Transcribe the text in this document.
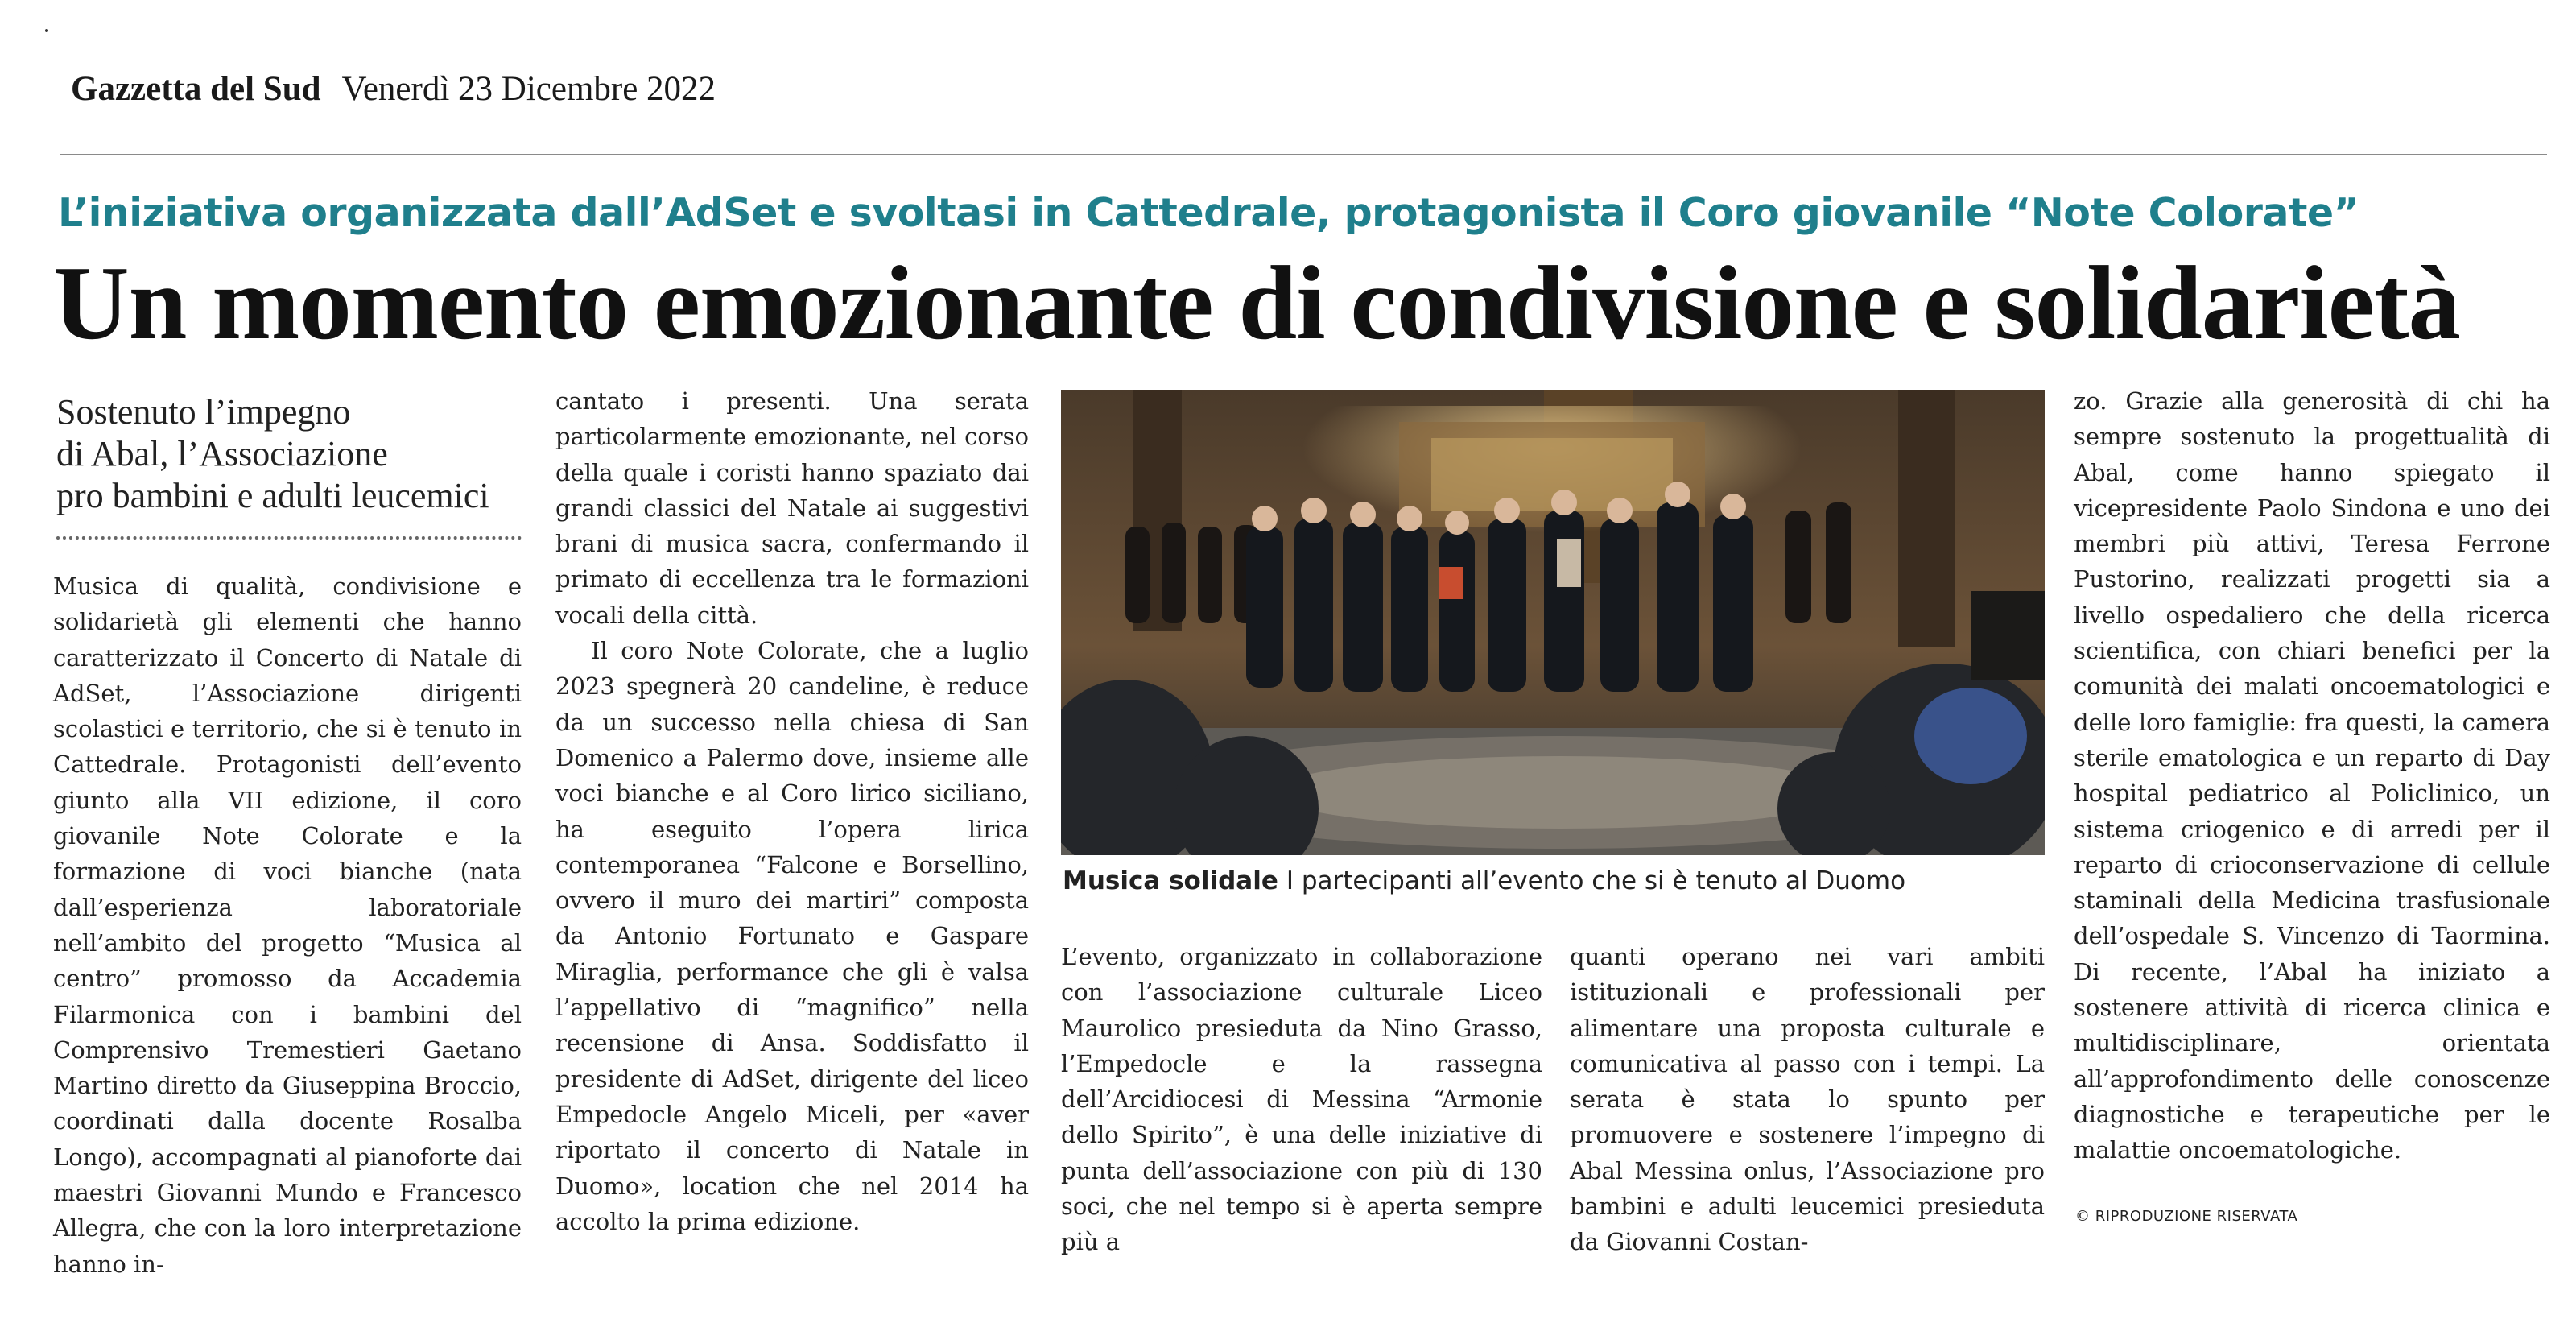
Gazzetta del Sud Venerdì 23 Dicembre 2022
L’iniziativa organizzata dall’AdSet e svoltasi in Cattedrale, protagonista il Coro giovanile “Note Colorate”
Un momento emozionante di condivisione e solidarietà
Sostenuto l’impegno
di Abal, l’Associazione
pro bambini e adulti leucemici

Musica di qualità, condivisione e solidarietà gli elementi che hanno caratterizzato il Concerto di Natale di AdSet, l’Associazione dirigenti scolastici e territorio, che si è tenuto in Cattedrale. Protagonisti dell’evento giunto alla VII edizione, il coro giovanile Note Colorate e la formazione di voci bianche (nata dall’esperienza laboratoriale nell’ambito del progetto “Musica al centro” promosso da Accademia Filarmonica con i bambini del Comprensivo Tremestieri Gaetano Martino diretto da Giuseppina Broccio, coordinati dalla docente Rosalba Longo), accompagnati al pianoforte dai maestri Giovanni Mundo e Francesco Allegra, che con la loro interpretazione hanno in-

cantato i presenti. Una serata particolarmente emozionante, nel corso della quale i coristi hanno spaziato dai grandi classici del Natale ai suggestivi brani di musica sacra, confermando il primato di eccellenza tra le formazioni vocali della città.

Il coro Note Colorate, che a luglio 2023 spegnerà 20 candeline, è reduce da un successo nella chiesa di San Domenico a Palermo dove, insieme alle voci bianche e al Coro lirico siciliano, ha eseguito l’opera lirica contemporanea “Falcone e Borsellino, ovvero il muro dei martiri” composta da Antonio Fortunato e Gaspare Miraglia, performance che gli è valsa l’appellativo di “magnifico” nella recensione di Ansa. Soddisfatto il presidente di AdSet, dirigente del liceo Empedocle Angelo Miceli, per «aver riportato il concerto di Natale in Duomo», location che nel 2014 ha accolto la prima edizione.

Musica solidale I partecipanti all’evento che si è tenuto al Duomo

L’evento, organizzato in collaborazione con l’associazione culturale Liceo Maurolico presieduta da Nino Grasso, l’Empedocle e la rassegna dell’Arcidiocesi di Messina “Armonie dello Spirito”, è una delle iniziative di punta dell’associazione con più di 130 soci, che nel tempo si è aperta sempre più a

quanti operano nei vari ambiti istituzionali e professionali per alimentare una proposta culturale e comunicativa al passo con i tempi. La serata è stata lo spunto per promuovere e sostenere l’impegno di Abal Messina onlus, l’Associazione pro bambini e adulti leucemici presieduta da Giovanni Costan-

zo. Grazie alla generosità di chi ha sempre sostenuto la progettualità di Abal, come hanno spiegato il vicepresidente Paolo Sindona e uno dei membri più attivi, Teresa Ferrone Pustorino, realizzati progetti sia a livello ospedaliero che della ricerca scientifica, con chiari benefici per la comunità dei malati oncoematologici e delle loro famiglie: fra questi, la camera sterile ematologica e un reparto di Day hospital pediatrico al Policlinico, un sistema criogenico e di arredi per il reparto di crioconservazione di cellule staminali della Medicina trasfusionale dell’ospedale S. Vincenzo di Taormina. Di recente, l’Abal ha iniziato a sostenere attività di ricerca clinica e multidisciplinare, orientata all’approfondimento delle conoscenze diagnostiche e terapeutiche per le malattie oncoematologiche.

© RIPRODUZIONE RISERVATA
